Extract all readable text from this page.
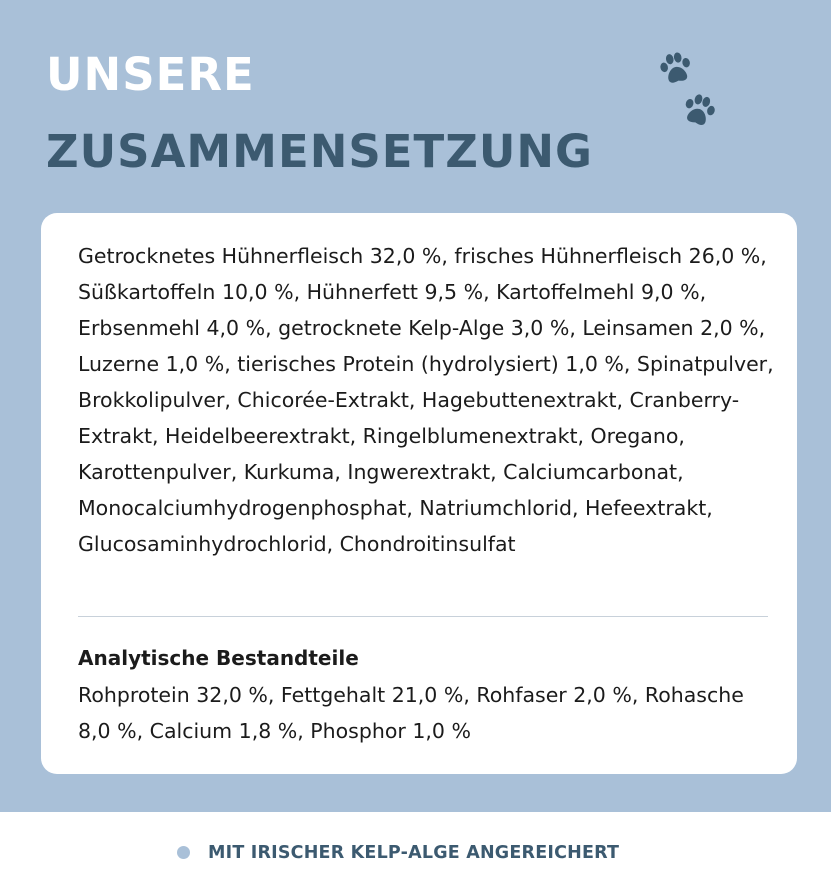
UNSERE
ZUSAMMENSETZUNG

Getrocknetes Hühnerfleisch 32,0 %, frisches Hühnerfleisch 26,0 %, Süßkartoffeln 10,0 %, Hühnerfett 9,5 %, Kartoffelmehl 9,0 %, Erbsenmehl 4,0 %, getrocknete Kelp-Alge 3,0 %, Leinsamen 2,0 %, Luzerne 1,0 %, tierisches Protein (hydrolysiert) 1,0 %, Spinatpulver, Brokkolipulver, Chicorée-Extrakt, Hagebuttenextrakt, Cranberry-Extrakt, Heidelbeerextrakt, Ringelblumenextrakt, Oregano, Karottenpulver, Kurkuma, Ingwerextrakt, Calciumcarbonat, Monocalciumhydrogenphosphat, Natriumchlorid, Hefeextrakt, Glucosaminhydrochlorid, Chondroitinsulfat

Analytische Bestandteile

Rohprotein 32,0 %, Fettgehalt 21,0 %, Rohfaser 2,0 %, Rohasche 8,0 %, Calcium 1,8 %, Phosphor 1,0 %

MIT IRISCHER KELP-ALGE ANGEREICHERT
